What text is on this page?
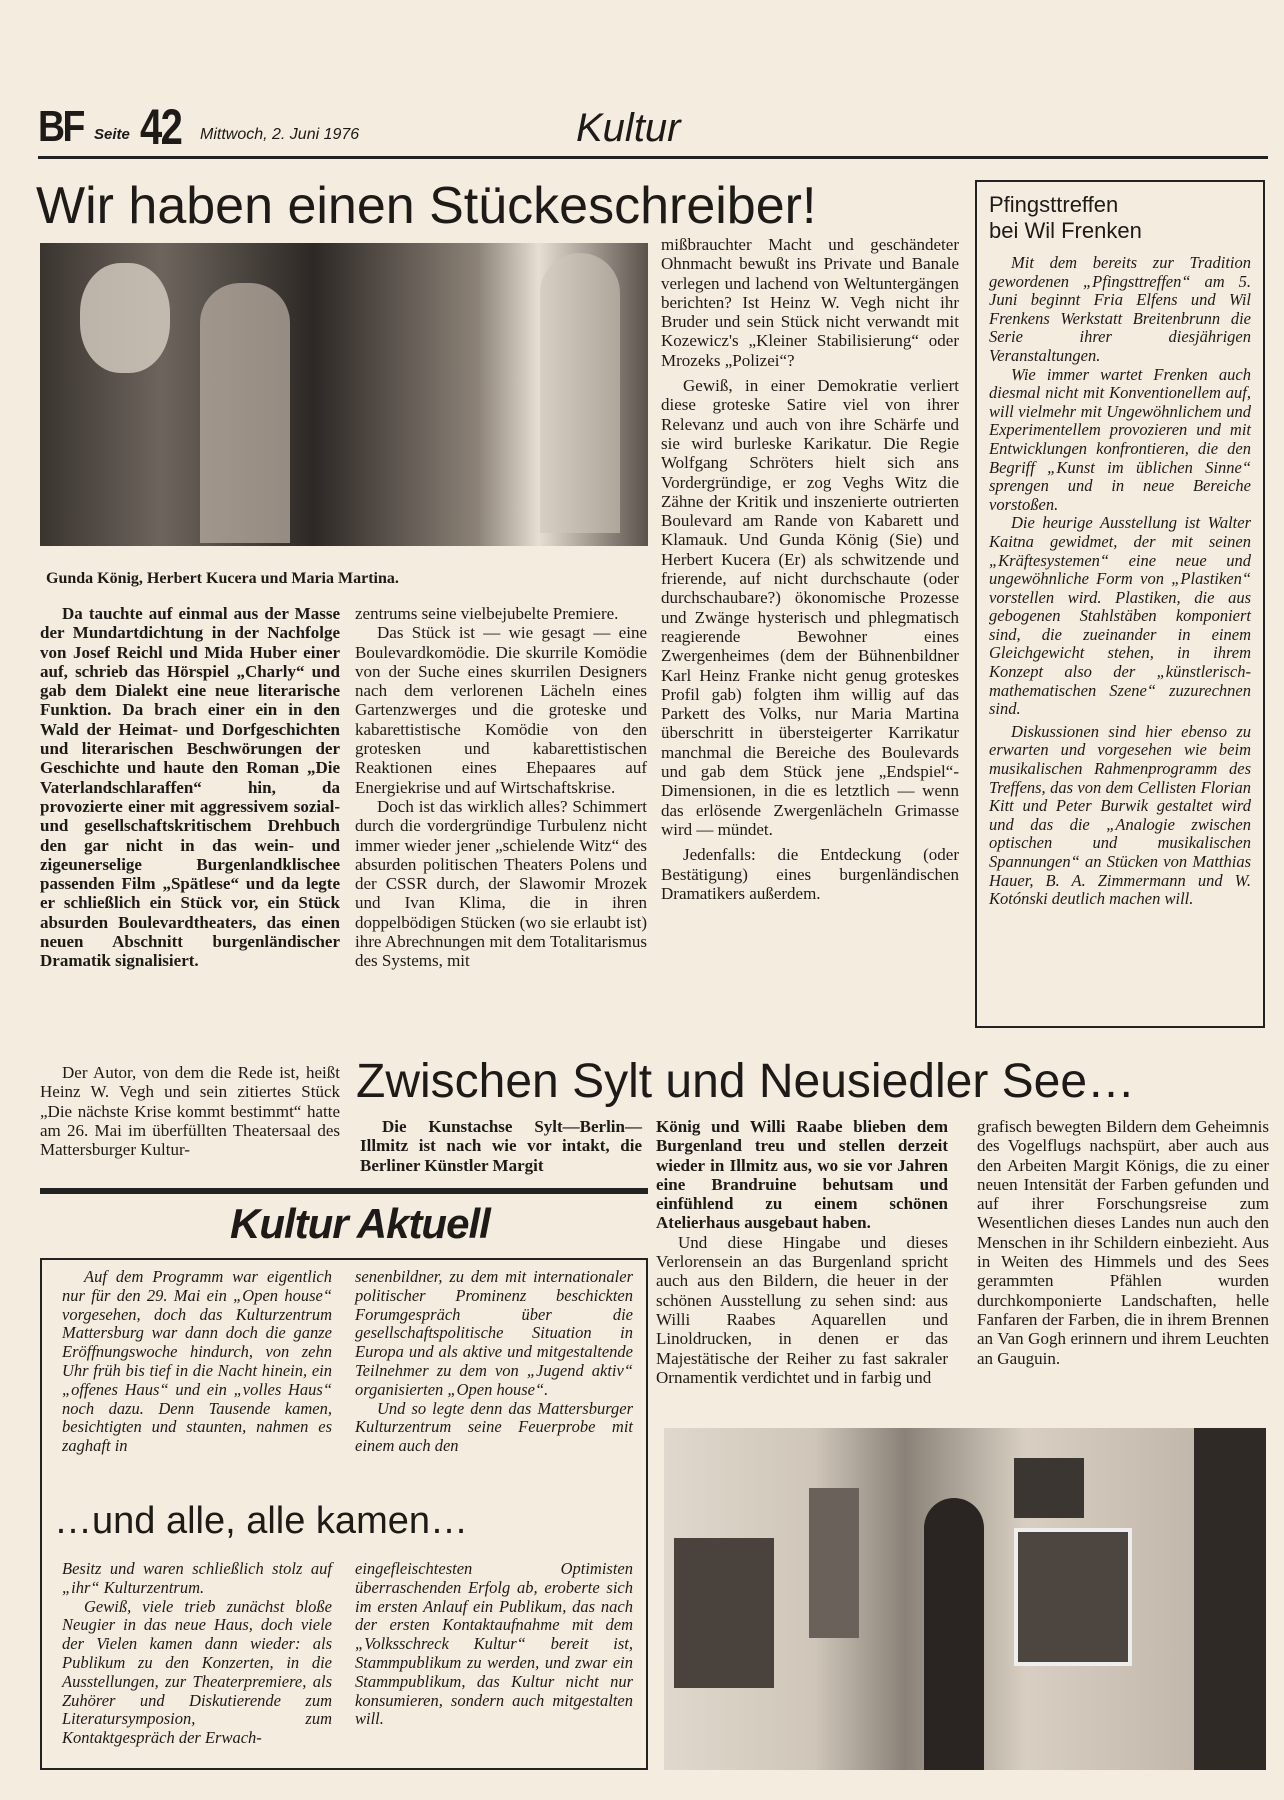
BF Seite 42 Mittwoch, 2. Juni 1976	Kultur
Wir haben einen Stückeschreiber!
Gunda König, Herbert Kucera und Maria Martina.

Da tauchte auf einmal aus der Masse der Mundartdichtung in der Nachfolge von Josef Reichl und Mida Huber einer auf, schrieb das Hörspiel „Charly“ und gab dem Dialekt eine neue literarische Funktion. Da brach einer ein in den Wald der Heimat- und Dorfgeschichten und literarischen Beschwörungen der Geschichte und haute den Roman „Die Vaterlandschlaraffen“ hin, da provozierte einer mit aggressivem sozial- und gesellschaftskritischem Drehbuch den gar nicht in das wein- und zigeunerselige Burgenlandklischee passenden Film „Spätlese“ und da legte er schließlich ein Stück vor, ein Stück absurden Boulevardtheaters, das einen neuen Abschnitt burgenländischer Dramatik signalisiert.

Der Autor, von dem die Rede ist, heißt Heinz W. Vegh und sein zitiertes Stück „Die nächste Krise kommt bestimmt“ hatte am 26. Mai im überfüllten Theatersaal des Mattersburger Kultur-

zentrums seine vielbejubelte Premiere.

Das Stück ist — wie gesagt — eine Boulevardkomödie. Die skurrile Komödie von der Suche eines skurrilen Designers nach dem verlorenen Lächeln eines Gartenzwerges und die groteske und kabarettistische Komödie von den grotesken und kabarettistischen Reaktionen eines Ehepaares auf Energiekrise und auf Wirtschaftskrise.

Doch ist das wirklich alles? Schimmert durch die vordergründige Turbulenz nicht immer wieder jener „schielende Witz“ des absurden politischen Theaters Polens und der CSSR durch, der Slawomir Mrozek und Ivan Klima, die in ihren doppelbödigen Stücken (wo sie erlaubt ist) ihre Abrechnungen mit dem Totalitarismus des Systems, mit

mißbrauchter Macht und geschändeter Ohnmacht bewußt ins Private und Banale verlegen und lachend von Weltuntergängen berichten? Ist Heinz W. Vegh nicht ihr Bruder und sein Stück nicht verwandt mit Kozewicz's „Kleiner Stabilisierung“ oder Mrozeks „Polizei“?

Gewiß, in einer Demokratie verliert diese groteske Satire viel von ihrer Relevanz und auch von ihre Schärfe und sie wird burleske Karikatur. Die Regie Wolfgang Schröters hielt sich ans Vordergründige, er zog Veghs Witz die Zähne der Kritik und inszenierte outrierten Boulevard am Rande von Kabarett und Klamauk. Und Gunda König (Sie) und Herbert Kucera (Er) als schwitzende und frierende, auf nicht durchschaute (oder durchschaubare?) ökonomische Prozesse und Zwänge hysterisch und phlegmatisch reagierende Bewohner eines Zwergenheimes (dem der Bühnenbildner Karl Heinz Franke nicht genug groteskes Profil gab) folgten ihm willig auf das Parkett des Volks, nur Maria Martina überschritt in übersteigerter Karrikatur manchmal die Bereiche des Boulevards und gab dem Stück jene „Endspiel“-Dimensionen, in die es letztlich — wenn das erlösende Zwergenlächeln Grimasse wird — mündet.

Jedenfalls: die Entdeckung (oder Bestätigung) eines burgenländischen Dramatikers außerdem.

Pfingsttreffen
bei Wil Frenken

Mit dem bereits zur Tradition gewordenen „Pfingsttreffen“ am 5. Juni beginnt Fria Elfens und Wil Frenkens Werkstatt Breitenbrunn die Serie ihrer diesjährigen Veranstaltungen.

Wie immer wartet Frenken auch diesmal nicht mit Konventionellem auf, will vielmehr mit Ungewöhnlichem und Experimentellem provozieren und mit Entwicklungen konfrontieren, die den Begriff „Kunst im üblichen Sinne“ sprengen und in neue Bereiche vorstoßen.

Die heurige Ausstellung ist Walter Kaitna gewidmet, der mit seinen „Kräftesystemen“ eine neue und ungewöhnliche Form von „Plastiken“ vorstellen wird. Plastiken, die aus gebogenen Stahlstäben komponiert sind, die zueinander in einem Gleichgewicht stehen, in ihrem Konzept also der „künstlerisch-mathematischen Szene“ zuzurechnen sind.

Diskussionen sind hier ebenso zu erwarten und vorgesehen wie beim musikalischen Rahmenprogramm des Treffens, das von dem Cellisten Florian Kitt und Peter Burwik gestaltet wird und das die „Analogie zwischen optischen und musikalischen Spannungen“ an Stücken von Matthias Hauer, B. A. Zimmermann und W. Kotónski deutlich machen will.

Zwischen Sylt und Neusiedler See…

Die Kunstachse Sylt—Berlin—Illmitz ist nach wie vor intakt, die Berliner Künstler Margit

König und Willi Raabe blieben dem Burgenland treu und stellen derzeit wieder in Illmitz aus, wo sie vor Jahren eine Brandruine behutsam und einfühlend zu einem schönen Atelierhaus ausgebaut haben.

Und diese Hingabe und dieses Verlorensein an das Burgenland spricht auch aus den Bildern, die heuer in der schönen Ausstellung zu sehen sind: aus Willi Raabes Aquarellen und Linoldrucken, in denen er das Majestätische der Reiher zu fast sakraler Ornamentik verdichtet und in farbig und

grafisch bewegten Bildern dem Geheimnis des Vogelflugs nachspürt, aber auch aus den Arbeiten Margit Königs, die zu einer neuen Intensität der Farben gefunden und auf ihrer Forschungsreise zum Wesentlichen dieses Landes nun auch den Menschen in ihr Schildern einbezieht. Aus in Weiten des Himmels und des Sees gerammten Pfählen wurden durchkomponierte Landschaften, helle Fanfaren der Farben, die in ihrem Brennen an Van Gogh erinnern und ihrem Leuchten an Gauguin.

Kultur Aktuell

Auf dem Programm war eigentlich nur für den 29. Mai ein „Open house“ vorgesehen, doch das Kulturzentrum Mattersburg war dann doch die ganze Eröffnungswoche hindurch, von zehn Uhr früh bis tief in die Nacht hinein, ein „offenes Haus“ und ein „volles Haus“ noch dazu. Denn Tausende kamen, besichtigten und staunten, nahmen es zaghaft in

senenbildner, zu dem mit internationaler politischer Prominenz beschickten Forumgespräch über die gesellschaftspolitische Situation in Europa und als aktive und mitgestaltende Teilnehmer zu dem von „Jugend aktiv“ organisierten „Open house“.

Und so legte denn das Mattersburger Kulturzentrum seine Feuerprobe mit einem auch den

…und alle, alle kamen…

Besitz und waren schließlich stolz auf „ihr“ Kulturzentrum.

Gewiß, viele trieb zunächst bloße Neugier in das neue Haus, doch viele der Vielen kamen dann wieder: als Publikum zu den Konzerten, in die Ausstellungen, zur Theaterpremiere, als Zuhörer und Diskutierende zum Literatursymposion, zum Kontaktgespräch der Erwach-

eingefleischtesten Optimisten überraschenden Erfolg ab, eroberte sich im ersten Anlauf ein Publikum, das nach der ersten Kontaktaufnahme mit dem „Volksschreck Kultur“ bereit ist, Stammpublikum zu werden, und zwar ein Stammpublikum, das Kultur nicht nur konsumieren, sondern auch mitgestalten will.
